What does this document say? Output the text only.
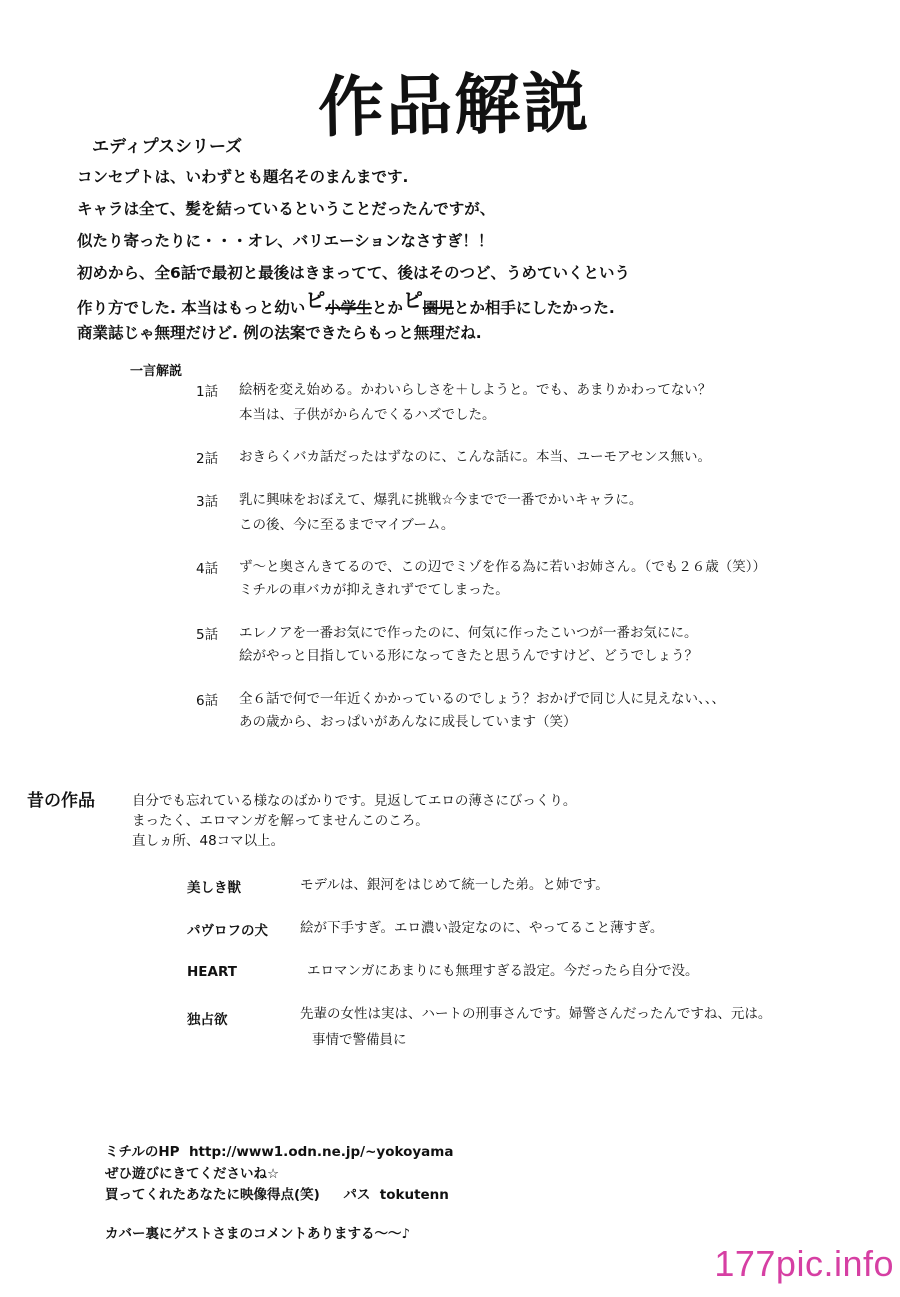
作品解説
エディプスシリーズ
コンセプトは、いわずとも題名そのまんまです.
キャラは全て、髪を結っているということだったんですが、
似たり寄ったりに・・・オレ、バリエーションなさすぎ！！
初めから、全6話で最初と最後はきまってて、後はそのつど、うめていくという
作り方でした. 本当はもっと幼いピ小学生とかピ園児とか相手にしたかった.
商業誌じゃ無理だけど. 例の法案できたらもっと無理だね.
一言解説
1話 絵柄を変え始める。かわいらしさを＋しようと。でも、あまりかわってない？
本当は、子供がからんでくるハズでした。
2話 おきらくバカ話だったはずなのに、こんな話に。本当、ユーモアセンス無い。
3話 乳に興味をおぼえて、爆乳に挑戦☆今までで一番でかいキャラに。
この後、今に至るまでマイブーム。
4話 ず～と奥さんきてるので、この辺でミゾを作る為に若いお姉さん。（でも２６歳（笑））
ミチルの車バカが抑えきれずでてしまった。
5話 エレノアを一番お気にで作ったのに、何気に作ったこいつが一番お気にに。
絵がやっと目指している形になってきたと思うんですけど、どうでしょう？
6話 全６話で何で一年近くかかっているのでしょう？おかげで同じ人に見えない、、、
あの歳から、おっぱいがあんなに成長しています（笑）
昔の作品	自分でも忘れている様なのばかりです。見返してエロの薄さにびっくり。
まったく、エロマンガを解ってませんこのころ。
直しヵ所、48コマ以上。
美しき獣	モデルは、銀河をはじめて統一した弟。と姉です。
パヴロフの犬 絵が下手すぎ。エロ濃い設定なのに、やってること薄すぎ。
HEART	エロマンガにあまりにも無理すぎる設定。今だったら自分で没。
独占欲	先輩の女性は実は、ハートの刑事さんです。婦警さんだったんですね、元は。
事情で警備員に
ミチルのHP http://www1.odn.ne.jp/~yokoyama
ぜひ遊びにきてくださいね☆
買ってくれたあなたに映像得点(笑) パス tokutenn
カバー裏にゲストさまのコメントありまする～～♪
177pic.info
